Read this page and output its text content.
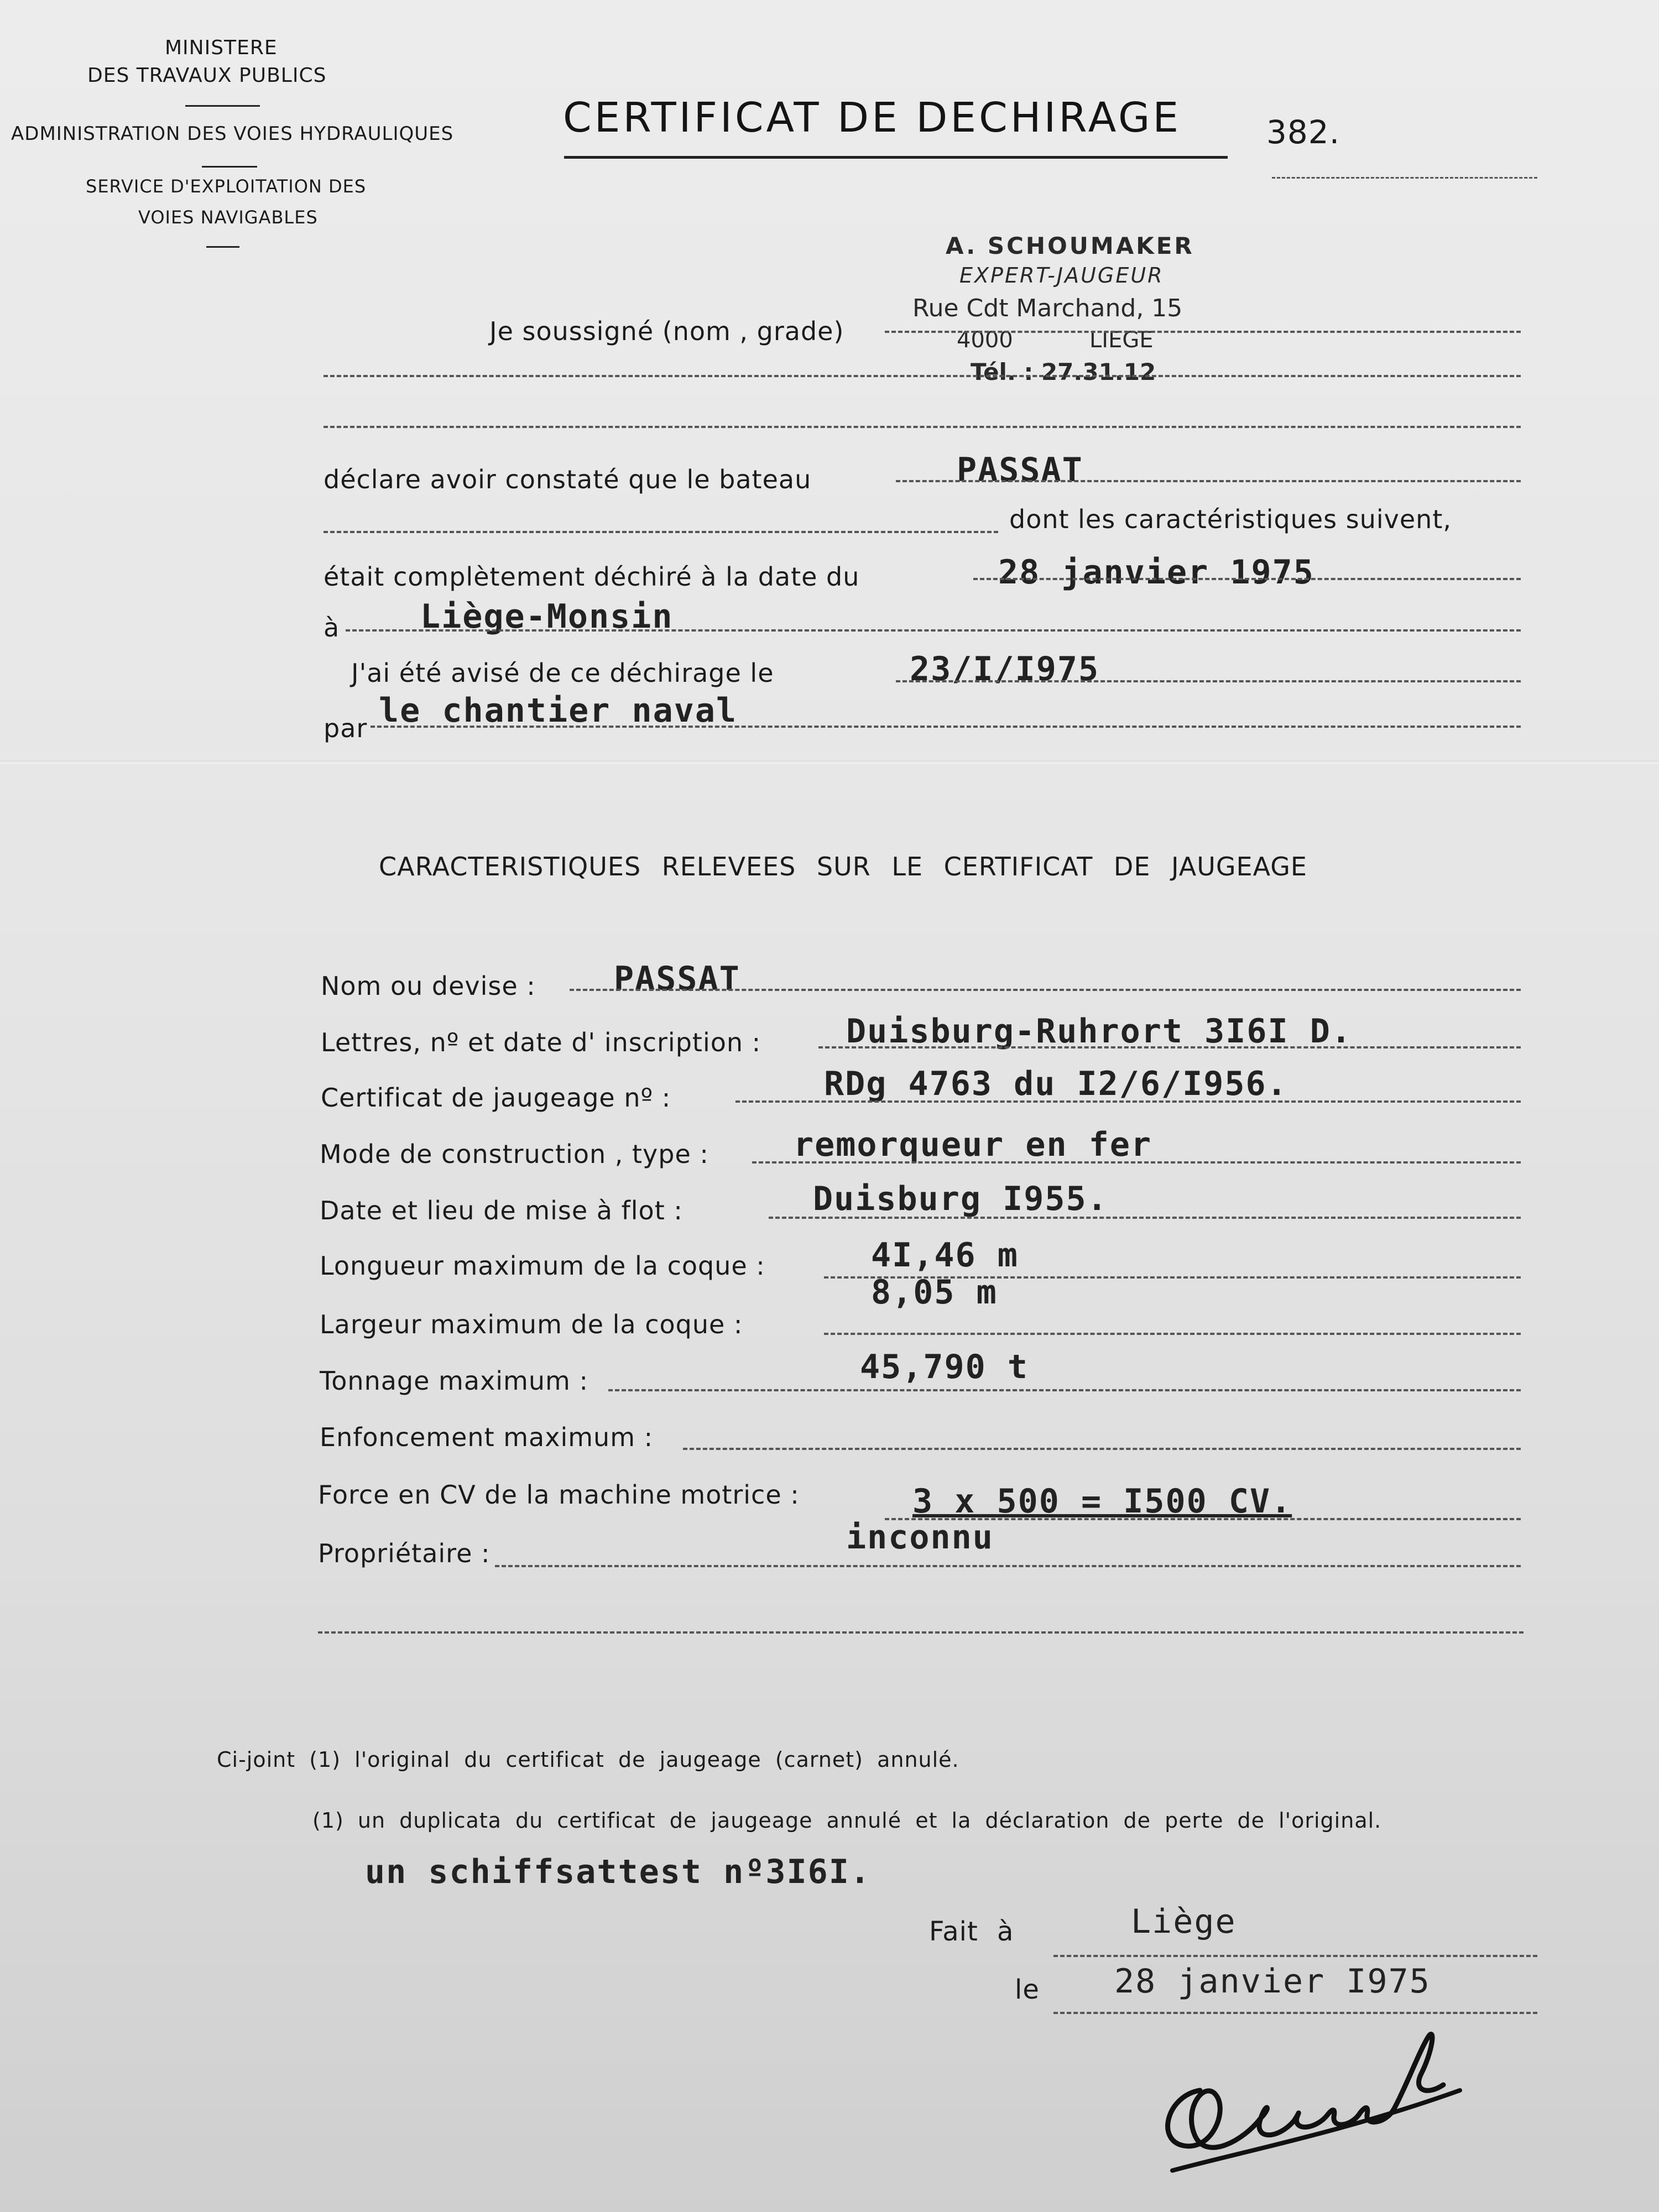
MINISTERE
DES TRAVAUX PUBLICS
ADMINISTRATION DES VOIES HYDRAULIQUES
SERVICE D'EXPLOITATION DES
VOIES NAVIGABLES
CERTIFICAT DE DECHIRAGE	382.
A. SCHOUMAKER
EXPERT-JAUGEUR
Rue Cdt Marchand, 15
4000	LIEGE
Tél. : 27.31.12
Je soussigné (nom , grade)
déclare avoir constaté que le bateau	PASSAT
dont les caractéristiques suivent,
était complètement déchiré à la date du	28 janvier 1975
à Liège-Monsin
J'ai été avisé de ce déchirage le	23/I/I975
par le chantier naval
CARACTERISTIQUES RELEVEES SUR LE CERTIFICAT DE JAUGEAGE
Nom ou devise : PASSAT
Lettres, nº et date d' inscription :	Duisburg-Ruhrort 3I6I D.
Certificat de jaugeage nº :	RDg 4763 du I2/6/I956.
Mode de construction , type :	remorqueur en fer
Date et lieu de mise à flot :	Duisburg I955.
Longueur maximum de la coque :	4I,46 m
Largeur maximum de la coque :
8,05 m
Tonnage maximum :	45,790 t
Enfoncement maximum :
Force en CV de la machine motrice :	3 x 500 = I500 CV.
Propriétaire :	inconnu
Ci-joint (1) l'original du certificat de jaugeage (carnet) annulé.
(1) un duplicata du certificat de jaugeage annulé et la déclaration de perte de l'original.
un schiffsattest nº3I6I.
Fait à	Liège
le 28 janvier I975
